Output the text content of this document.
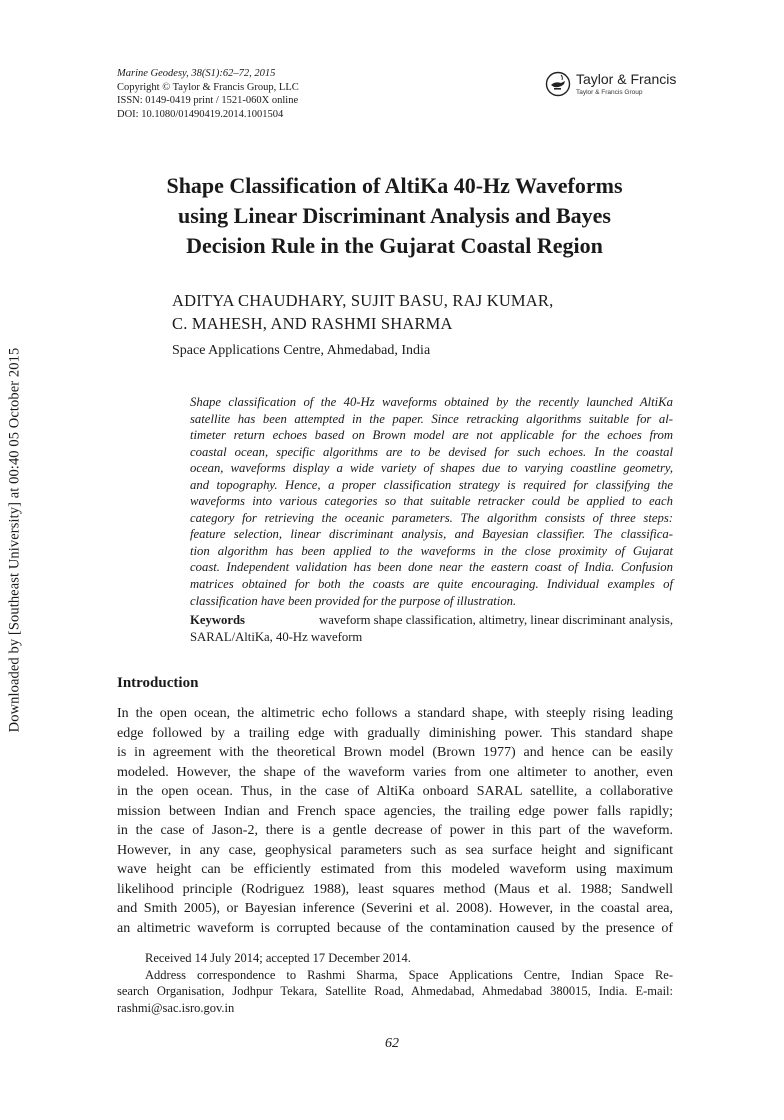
Downloaded by [Southeast University] at 00:40 05 October 2015
Marine Geodesy, 38(S1):62–72, 2015
Copyright © Taylor & Francis Group, LLC
ISSN: 0149-0419 print / 1521-060X online
DOI: 10.1080/01490419.2014.1001504
Taylor & Francis
Taylor & Francis Group
Shape Classification of AltiKa 40-Hz Waveforms
using Linear Discriminant Analysis and Bayes
Decision Rule in the Gujarat Coastal Region
ADITYA CHAUDHARY, SUJIT BASU, RAJ KUMAR,
C. MAHESH, AND RASHMI SHARMA
Space Applications Centre, Ahmedabad, India

Shape classification of the 40-Hz waveforms obtained by the recently launched AltiKa
satellite has been attempted in the paper. Since retracking algorithms suitable for al-
timeter return echoes based on Brown model are not applicable for the echoes from
coastal ocean, specific algorithms are to be devised for such echoes. In the coastal
ocean, waveforms display a wide variety of shapes due to varying coastline geometry,
and topography. Hence, a proper classification strategy is required for classifying the
waveforms into various categories so that suitable retracker could be applied to each
category for retrieving the oceanic parameters. The algorithm consists of three steps:
feature selection, linear discriminant analysis, and Bayesian classifier. The classifica-
tion algorithm has been applied to the waveforms in the close proximity of Gujarat
coast. Independent validation has been done near the eastern coast of India. Confusion
matrices obtained for both the coasts are quite encouraging. Individual examples of
classification have been provided for the purpose of illustration.

Keywords	waveform shape classification, altimetry, linear discriminant analysis,
SARAL/AltiKa, 40-Hz waveform
Introduction

In the open ocean, the altimetric echo follows a standard shape, with steeply rising leading
edge followed by a trailing edge with gradually diminishing power. This standard shape
is in agreement with the theoretical Brown model (Brown 1977) and hence can be easily
modeled. However, the shape of the waveform varies from one altimeter to another, even
in the open ocean. Thus, in the case of AltiKa onboard SARAL satellite, a collaborative
mission between Indian and French space agencies, the trailing edge power falls rapidly;
in the case of Jason-2, there is a gentle decrease of power in this part of the waveform.
However, in any case, geophysical parameters such as sea surface height and significant
wave height can be efficiently estimated from this modeled waveform using maximum
likelihood principle (Rodriguez 1988), least squares method (Maus et al. 1988; Sandwell
and Smith 2005), or Bayesian inference (Severini et al. 2008). However, in the coastal area,
an altimetric waveform is corrupted because of the contamination caused by the presence of

Received 14 July 2014; accepted 17 December 2014.
Address correspondence to Rashmi Sharma, Space Applications Centre, Indian Space Re-
search Organisation, Jodhpur Tekara, Satellite Road, Ahmedabad, Ahmedabad 380015, India. E-mail:
rashmi@sac.isro.gov.in
62
